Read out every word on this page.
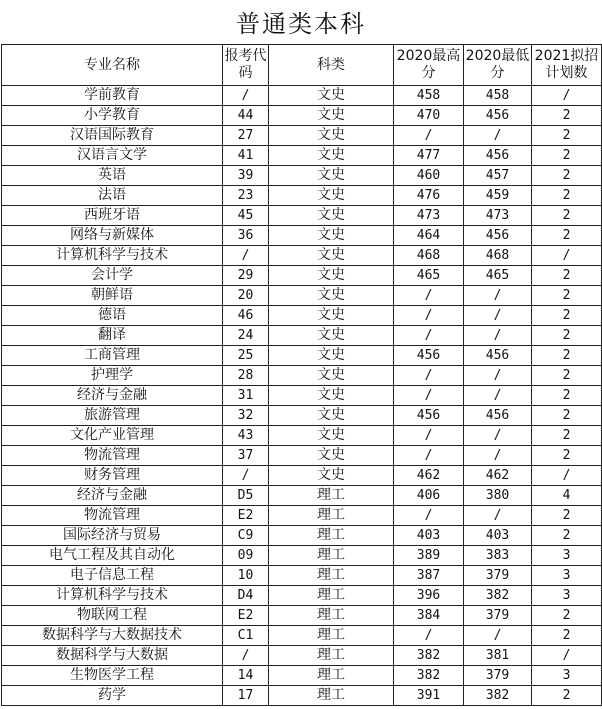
普通类本科
专业名称	报考代码	科类	2020最高分	2020最低分	2021拟招计划数
学前教育	/	文史	458	458	/
小学教育	44	文史	470	456	2
汉语国际教育	27	文史	/	/	2
汉语言文学	41	文史	477	456	2
英语	39	文史	460	457	2
法语	23	文史	476	459	2
西班牙语	45	文史	473	473	2
网络与新媒体	36	文史	464	456	2
计算机科学与技术	/	文史	468	468	/
会计学	29	文史	465	465	2
朝鲜语	20	文史	/	/	2
德语	46	文史	/	/	2
翻译	24	文史	/	/	2
工商管理	25	文史	456	456	2
护理学	28	文史	/	/	2
经济与金融	31	文史	/	/	2
旅游管理	32	文史	456	456	2
文化产业管理	43	文史	/	/	2
物流管理	37	文史	/	/	2
财务管理	/	文史	462	462	/
经济与金融	D5	理工	406	380	4
物流管理	E2	理工	/	/	2
国际经济与贸易	C9	理工	403	403	2
电气工程及其自动化	09	理工	389	383	3
电子信息工程	10	理工	387	379	3
计算机科学与技术	D4	理工	396	382	3
物联网工程	E2	理工	384	379	2
数据科学与大数据技术	C1	理工	/	/	2
数据科学与大数据	/	理工	382	381	/
生物医学工程	14	理工	382	379	3
药学	17	理工	391	382	2
